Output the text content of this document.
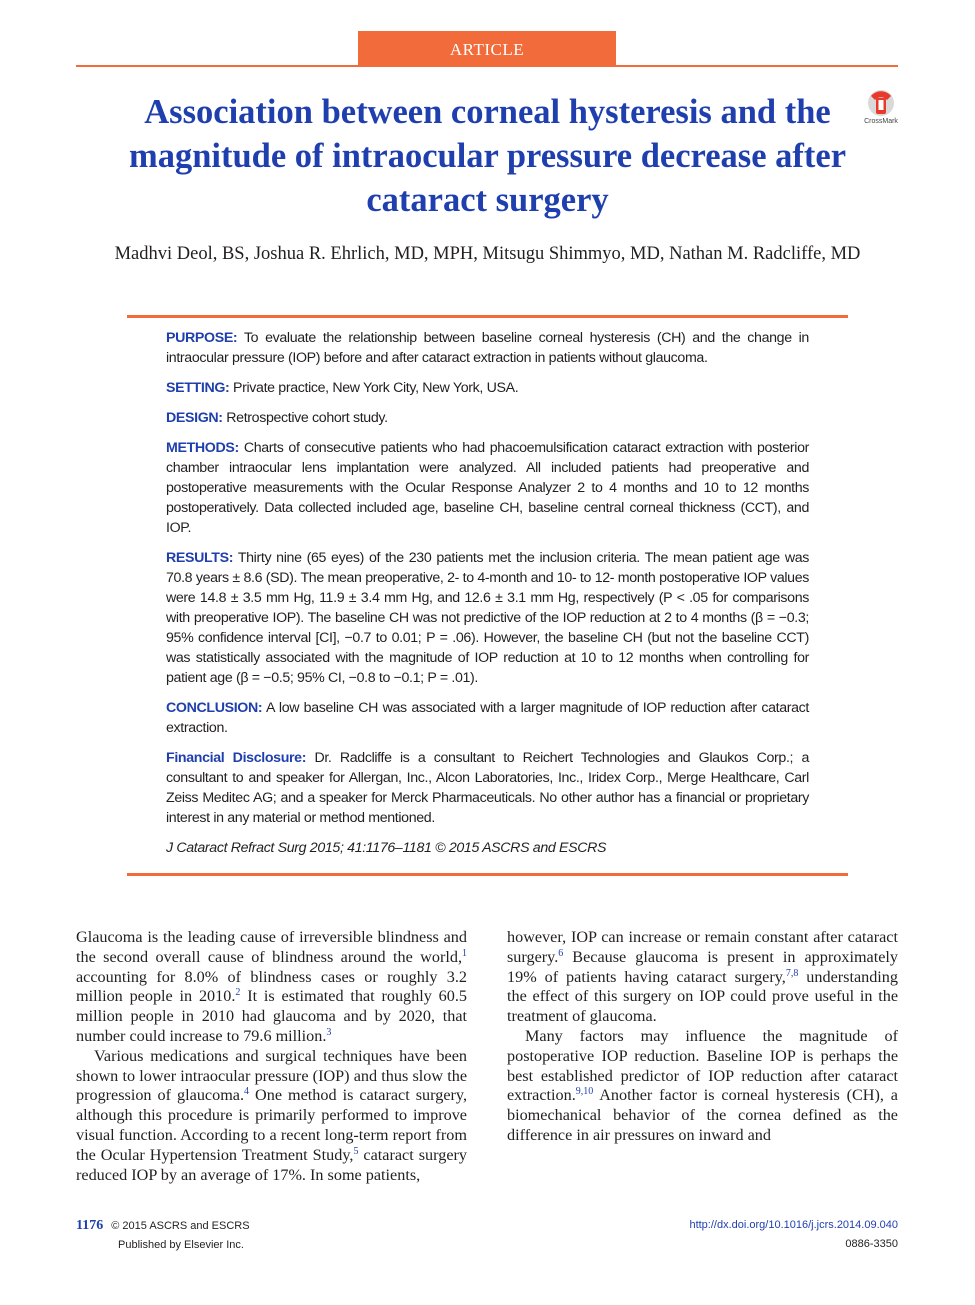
ARTICLE
Association between corneal hysteresis and the magnitude of intraocular pressure decrease after cataract surgery
CrossMark
Madhvi Deol, BS, Joshua R. Ehrlich, MD, MPH, Mitsugu Shimmyo, MD, Nathan M. Radcliffe, MD

PURPOSE: To evaluate the relationship between baseline corneal hysteresis (CH) and the change in intraocular pressure (IOP) before and after cataract extraction in patients without glaucoma.

SETTING: Private practice, New York City, New York, USA.

DESIGN: Retrospective cohort study.

METHODS: Charts of consecutive patients who had phacoemulsification cataract extraction with posterior chamber intraocular lens implantation were analyzed. All included patients had preoperative and postoperative measurements with the Ocular Response Analyzer 2 to 4 months and 10 to 12 months postoperatively. Data collected included age, baseline CH, baseline central corneal thickness (CCT), and IOP.

RESULTS: Thirty nine (65 eyes) of the 230 patients met the inclusion criteria. The mean patient age was 70.8 years ± 8.6 (SD). The mean preoperative, 2- to 4-month and 10- to 12- month postoperative IOP values were 14.8 ± 3.5 mm Hg, 11.9 ± 3.4 mm Hg, and 12.6 ± 3.1 mm Hg, respectively (P < .05 for comparisons with preoperative IOP). The baseline CH was not predictive of the IOP reduction at 2 to 4 months (β = −0.3; 95% confidence interval [CI], −0.7 to 0.01; P = .06). However, the baseline CH (but not the baseline CCT) was statistically associated with the magnitude of IOP reduction at 10 to 12 months when controlling for patient age (β = −0.5; 95% CI, −0.8 to −0.1; P = .01).

CONCLUSION: A low baseline CH was associated with a larger magnitude of IOP reduction after cataract extraction.

Financial Disclosure: Dr. Radcliffe is a consultant to Reichert Technologies and Glaukos Corp.; a consultant to and speaker for Allergan, Inc., Alcon Laboratories, Inc., Iridex Corp., Merge Healthcare, Carl Zeiss Meditec AG; and a speaker for Merck Pharmaceuticals. No other author has a financial or proprietary interest in any material or method mentioned.

J Cataract Refract Surg 2015; 41:1176–1181 © 2015 ASCRS and ESCRS

Glaucoma is the leading cause of irreversible blindness and the second overall cause of blindness around the world,$^1$ accounting for 8.0% of blindness cases or roughly 3.2 million people in 2010.$^2$ It is estimated that roughly 60.5 million people in 2010 had glaucoma and by 2020, that number could increase to 79.6 million.$^3$

Various medications and surgical techniques have been shown to lower intraocular pressure (IOP) and thus slow the progression of glaucoma.$^4$ One method is cataract surgery, although this procedure is primarily performed to improve visual function. According to a recent long-term report from the Ocular Hypertension Treatment Study,$^5$ cataract surgery reduced IOP by an average of 17%. In some patients,

however, IOP can increase or remain constant after cataract surgery.$^6$ Because glaucoma is present in approximately 19% of patients having cataract surgery,$^{7,8}$ understanding the effect of this surgery on IOP could prove useful in the treatment of glaucoma.

Many factors may influence the magnitude of postoperative IOP reduction. Baseline IOP is perhaps the best established predictor of IOP reduction after cataract extraction.$^{9,10}$ Another factor is corneal hysteresis (CH), a biomechanical behavior of the cornea defined as the difference in air pressures on inward and

1176 © 2015 ASCRS and ESCRS
Published by Elsevier Inc.
http://dx.doi.org/10.1016/j.jcrs.2014.09.040
0886-3350
